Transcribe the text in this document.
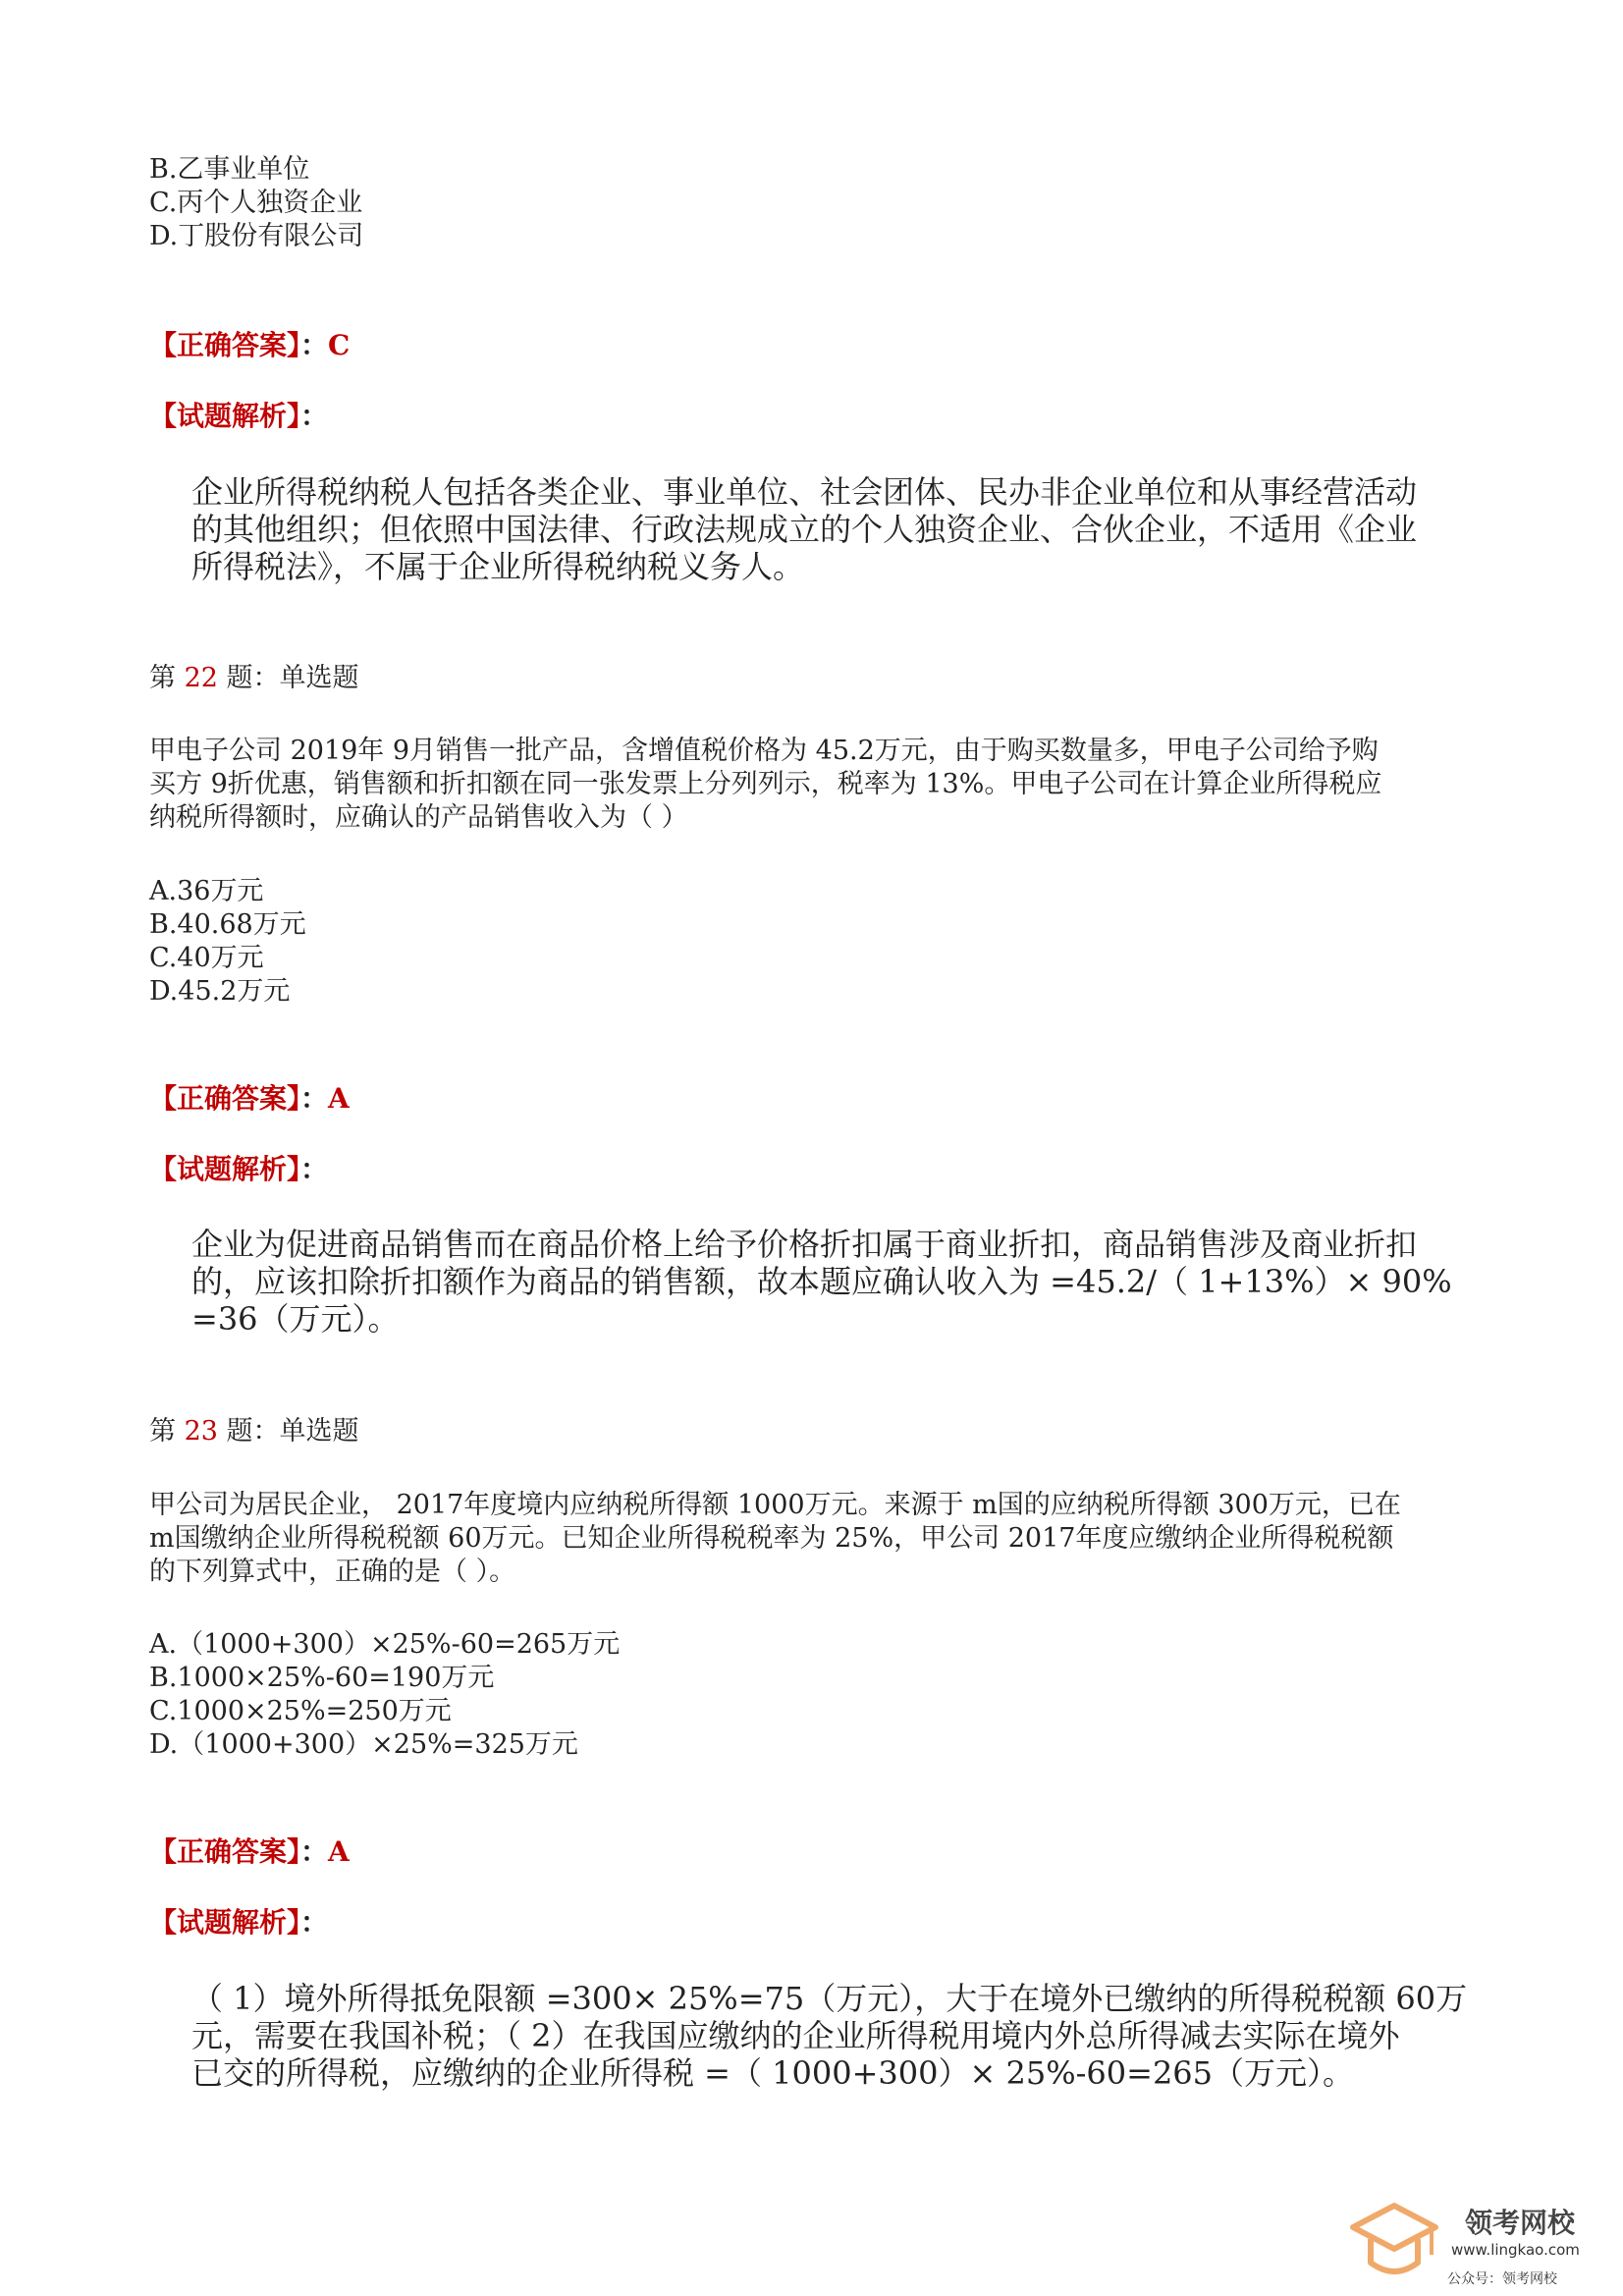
B.乙事业单位
C.丙个人独资企业
D.丁股份有限公司
【正确答案】：C
【试题解析】：
企业所得税纳税人包括各类企业、事业单位、社会团体、民办非企业单位和从事经营活动
的其他组织；但依照中国法律、行政法规成立的个人独资企业、合伙企业，不适用《企业
所得税法》，不属于企业所得税纳税义务人。
第 22 题：单选题
甲电子公司 2019年 9月销售一批产品，含增值税价格为 45.2万元，由于购买数量多，甲电子公司给予购
买方 9折优惠，销售额和折扣额在同一张发票上分列列示，税率为 13%。甲电子公司在计算企业所得税应
纳税所得额时，应确认的产品销售收入为（ ）
A.36万元
B.40.68万元
C.40万元
D.45.2万元
【正确答案】：A
【试题解析】：
企业为促进商品销售而在商品价格上给予价格折扣属于商业折扣，商品销售涉及商业折扣
的，应该扣除折扣额作为商品的销售额，故本题应确认收入为 =45.2/（ 1+13%）× 90%
=36（万元）。
第 23 题：单选题
甲公司为居民企业， 2017年度境内应纳税所得额 1000万元。来源于 m国的应纳税所得额 300万元，已在
m国缴纳企业所得税税额 60万元。已知企业所得税税率为 25%，甲公司 2017年度应缴纳企业所得税税额
的下列算式中，正确的是（ ）。
A.（1000+300）×25%-60=265万元
B.1000×25%-60=190万元
C.1000×25%=250万元
D.（1000+300）×25%=325万元
【正确答案】：A
【试题解析】：
（ 1）境外所得抵免限额 =300× 25%=75（万元），大于在境外已缴纳的所得税税额 60万
元，需要在我国补税；（ 2）在我国应缴纳的企业所得税用境内外总所得减去实际在境外
已交的所得税，应缴纳的企业所得税 =（ 1000+300）× 25%-60=265（万元）。
领考网校
www.lingkao.com
公众号：领考网校
